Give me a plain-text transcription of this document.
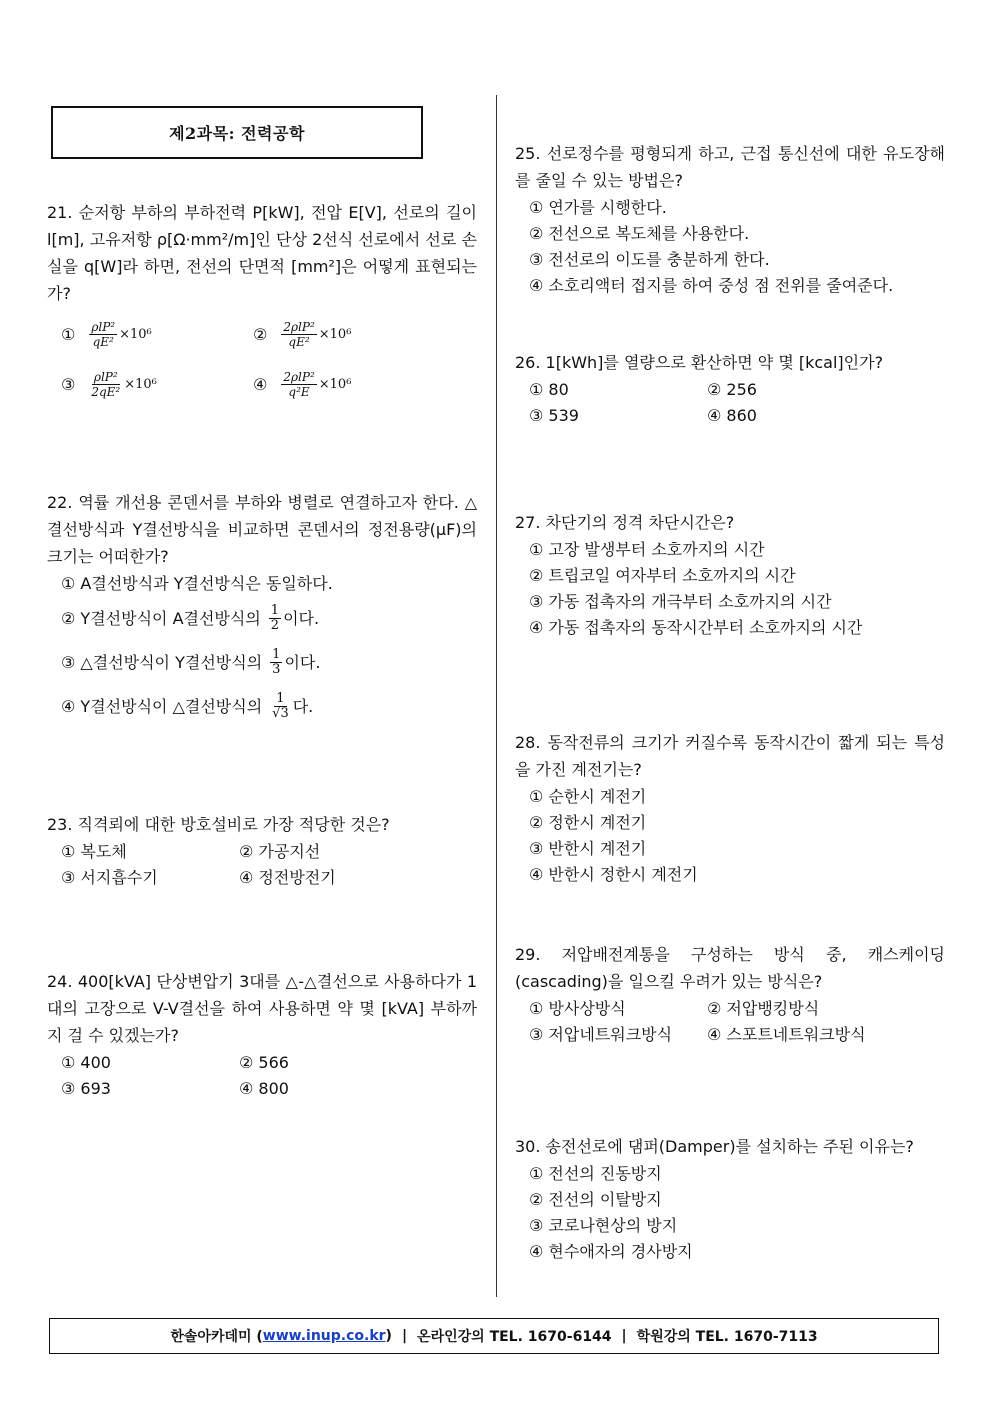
제2과목: 전력공학
21. 순저항 부하의 부하전력 P[kW], 전압 E[V], 선로의 길이 l[m], 고유저항 ρ[Ω·mm²/m]인 단상 2선식 선로에서 선로 손실을 q[W]라 하면, 전선의 단면적 [mm²]은 어떻게 표현되는가?
① $\frac{\text{ρlP²}}{\text{qE²}} \times 10^6$	② $\frac{\text{2ρlP²}}{\text{qE²}} \times 10^6$
③ $\frac{\text{ρlP²}}{\text{2qE²}} \times 10^6$	④ $\frac{\text{2ρlP²}}{\text{q²E}} \times 10^6$
22. 역률 개선용 콘덴서를 부하와 병렬로 연결하고자 한다. △결선방식과 Y결선방식을 비교하면 콘덴서의 정전용량(μF)의 크기는 어떠한가?
① A결선방식과 Y결선방식은 동일하다.
② Y결선방식이 A결선방식의 $\frac{1}{2}$ 이다.
③ △결선방식이 Y결선방식의 $\frac{1}{3}$ 이다.
④ Y결선방식이 △결선방식의 $\frac{1}{√3}$ 다.
23. 직격뢰에 대한 방호설비로 가장 적당한 것은?
① 복도체	② 가공지선
③ 서지흡수기	④ 정전방전기
24. 400[kVA] 단상변압기 3대를 △-△결선으로 사용하다가 1대의 고장으로 V-V결선을 하여 사용하면 약 몇 [kVA] 부하까지 걸 수 있겠는가?
① 400	② 566
③ 693	④ 800
25. 선로정수를 평형되게 하고, 근접 통신선에 대한 유도장해를 줄일 수 있는 방법은?
① 연가를 시행한다.
② 전선으로 복도체를 사용한다.
③ 전선로의 이도를 충분하게 한다.
④ 소호리액터 접지를 하여 중성 점 전위를 줄여준다.
26. 1[kWh]를 열량으로 환산하면 약 몇 [kcal]인가?
① 80	② 256
③ 539	④ 860
27. 차단기의 정격 차단시간은?
① 고장 발생부터 소호까지의 시간
② 트립코일 여자부터 소호까지의 시간
③ 가동 접촉자의 개극부터 소호까지의 시간
④ 가동 접촉자의 동작시간부터 소호까지의 시간
28. 동작전류의 크기가 커질수록 동작시간이 짧게 되는 특성을 가진 계전기는?
① 순한시 계전기
② 정한시 계전기
③ 반한시 계전기
④ 반한시 정한시 계전기
29. 저압배전계통을 구성하는 방식 중, 캐스케이딩(cascading)을 일으킬 우려가 있는 방식은?
① 방사상방식	② 저압뱅킹방식
③ 저압네트워크방식	④ 스포트네트워크방식
30. 송전선로에 댐퍼(Damper)를 설치하는 주된 이유는?
① 전선의 진동방지
② 전선의 이탈방지
③ 코로나현상의 방지
④ 현수애자의 경사방지
한솔아카데미 ( www.inup.co.kr ) | 온라인강의 TEL. 1670-6144 | 학원강의 TEL. 1670-7113
